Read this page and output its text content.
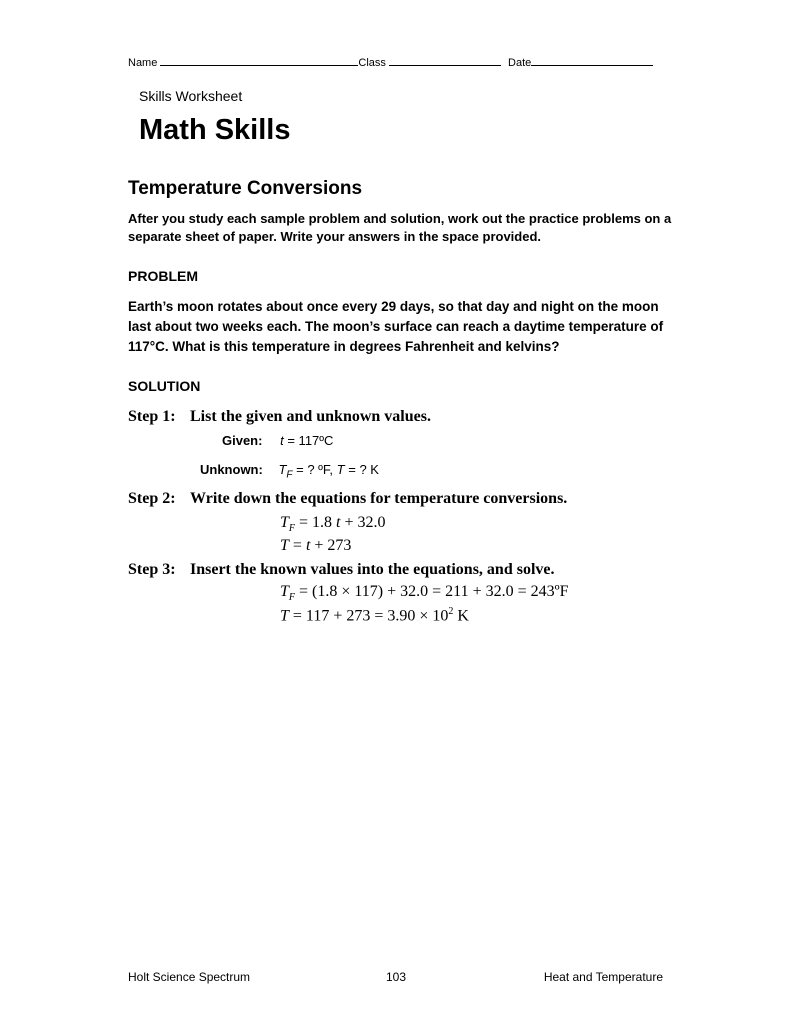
Name	Class	Date
Skills Worksheet
Math Skills
Temperature Conversions
After you study each sample problem and solution, work out the practice problems on a separate sheet of paper. Write your answers in the space provided.
PROBLEM
Earth’s moon rotates about once every 29 days, so that day and night on the moon last about two weeks each. The moon’s surface can reach a daytime temperature of 117°C. What is this temperature in degrees Fahrenheit and kelvins?
SOLUTION
Step 1: List the given and unknown values.
Given: t = 117ºC
Unknown: $T_F$ = ? ºF, T = ? K
Step 2: Write down the equations for temperature conversions.
$T_F = 1.8$ t + 32.0
T = t + 273
Step 3: Insert the known values into the equations, and solve.
$T_F = (1.8 \times 117) + 32.0 = 211 + 32.0$ = 243ºF
$T = 117 + 273 = 3.90 \times 10^2$ K
Holt Science Spectrum	103	Heat and Temperature
